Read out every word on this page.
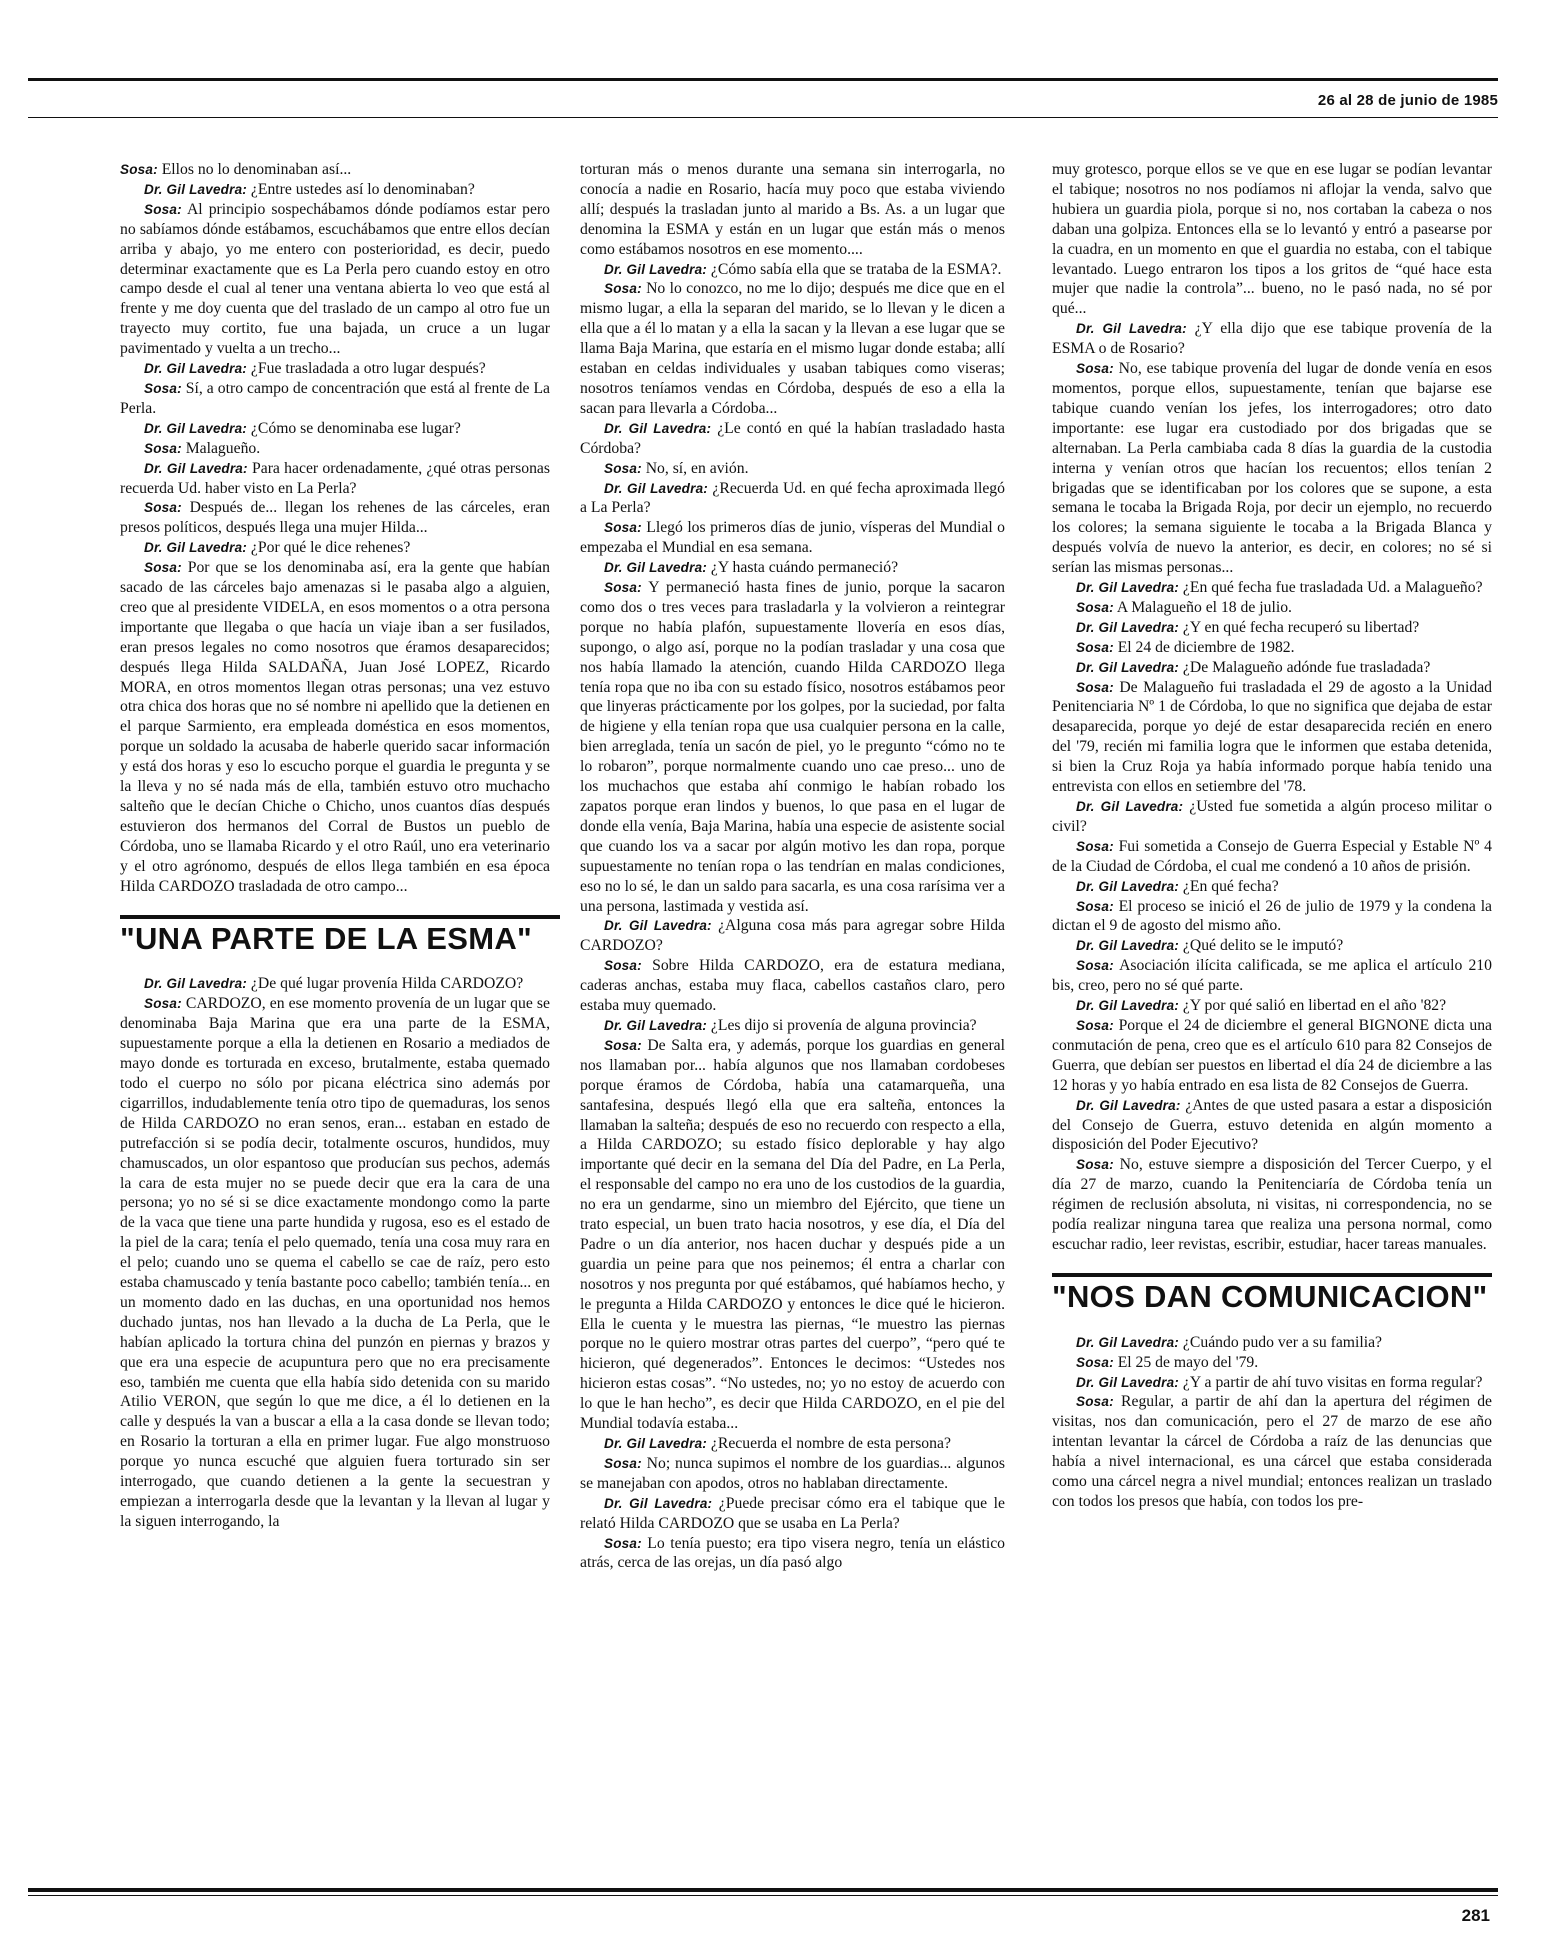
26 al 28 de junio de 1985

Sosa: Ellos no lo denominaban así...

Dr. Gil Lavedra: ¿Entre ustedes así lo denominaban?

Sosa: Al principio sospechábamos dónde podíamos estar pero no sabíamos dónde estábamos, escuchábamos que entre ellos decían arriba y abajo, yo me entero con posterioridad, es decir, puedo determinar exactamente que es La Perla pero cuando estoy en otro campo desde el cual al tener una ventana abierta lo veo que está al frente y me doy cuenta que del traslado de un campo al otro fue un trayecto muy cortito, fue una bajada, un cruce a un lugar pavimentado y vuelta a un trecho...

Dr. Gil Lavedra: ¿Fue trasladada a otro lugar después?

Sosa: Sí, a otro campo de concentración que está al frente de La Perla.

Dr. Gil Lavedra: ¿Cómo se denominaba ese lugar?

Sosa: Malagueño.

Dr. Gil Lavedra: Para hacer ordenadamente, ¿qué otras personas recuerda Ud. haber visto en La Perla?

Sosa: Después de... llegan los rehenes de las cárceles, eran presos políticos, después llega una mujer Hilda...

Dr. Gil Lavedra: ¿Por qué le dice rehenes?

Sosa: Por que se los denominaba así, era la gente que habían sacado de las cárceles bajo amenazas si le pasaba algo a alguien, creo que al presidente VIDELA, en esos momentos o a otra persona importante que llegaba o que hacía un viaje iban a ser fusilados, eran presos legales no como nosotros que éramos desaparecidos; después llega Hilda SALDAÑA, Juan José LOPEZ, Ricardo MORA, en otros momentos llegan otras personas; una vez estuvo otra chica dos horas que no sé nombre ni apellido que la detienen en el parque Sarmiento, era empleada doméstica en esos momentos, porque un soldado la acusaba de haberle querido sacar información y está dos horas y eso lo escucho porque el guardia le pregunta y se la lleva y no sé nada más de ella, también estuvo otro muchacho salteño que le decían Chiche o Chicho, unos cuantos días después estuvieron dos hermanos del Corral de Bustos un pueblo de Córdoba, uno se llamaba Ricardo y el otro Raúl, uno era veterinario y el otro agrónomo, después de ellos llega también en esa época Hilda CARDOZO trasladada de otro campo...

"UNA PARTE DE LA ESMA"

Dr. Gil Lavedra: ¿De qué lugar provenía Hilda CARDOZO?

Sosa: CARDOZO, en ese momento provenía de un lugar que se denominaba Baja Marina que era una parte de la ESMA, supuestamente porque a ella la detienen en Rosario a mediados de mayo donde es torturada en exceso, brutalmente, estaba quemado todo el cuerpo no sólo por picana eléctrica sino además por cigarrillos, indudablemente tenía otro tipo de quemaduras, los senos de Hilda CARDOZO no eran senos, eran... estaban en estado de putrefacción si se podía decir, totalmente oscuros, hundidos, muy chamuscados, un olor espantoso que producían sus pechos, además la cara de esta mujer no se puede decir que era la cara de una persona; yo no sé si se dice exactamente mondongo como la parte de la vaca que tiene una parte hundida y rugosa, eso es el estado de la piel de la cara; tenía el pelo quemado, tenía una cosa muy rara en el pelo; cuando uno se quema el cabello se cae de raíz, pero esto estaba chamuscado y tenía bastante poco cabello; también tenía... en un momento dado en las duchas, en una oportunidad nos hemos duchado juntas, nos han llevado a la ducha de La Perla, que le habían aplicado la tortura china del punzón en piernas y brazos y que era una especie de acupuntura pero que no era precisamente eso, también me cuenta que ella había sido detenida con su marido Atilio VERON, que según lo que me dice, a él lo detienen en la calle y después la van a buscar a ella a la casa donde se llevan todo; en Rosario la torturan a ella en primer lugar. Fue algo monstruoso porque yo nunca escuché que alguien fuera torturado sin ser interrogado, que cuando detienen a la gente la secuestran y empiezan a interrogarla desde que la levantan y la llevan al lugar y la siguen interrogando, la

torturan más o menos durante una semana sin interrogarla, no conocía a nadie en Rosario, hacía muy poco que estaba viviendo allí; después la trasladan junto al marido a Bs. As. a un lugar que denomina la ESMA y están en un lugar que están más o menos como estábamos nosotros en ese momento....

Dr. Gil Lavedra: ¿Cómo sabía ella que se trataba de la ESMA?.

Sosa: No lo conozco, no me lo dijo; después me dice que en el mismo lugar, a ella la separan del marido, se lo llevan y le dicen a ella que a él lo matan y a ella la sacan y la llevan a ese lugar que se llama Baja Marina, que estaría en el mismo lugar donde estaba; allí estaban en celdas individuales y usaban tabiques como viseras; nosotros teníamos vendas en Córdoba, después de eso a ella la sacan para llevarla a Córdoba...

Dr. Gil Lavedra: ¿Le contó en qué la habían trasladado hasta Córdoba?

Sosa: No, sí, en avión.

Dr. Gil Lavedra: ¿Recuerda Ud. en qué fecha aproximada llegó a La Perla?

Sosa: Llegó los primeros días de junio, vísperas del Mundial o empezaba el Mundial en esa semana.

Dr. Gil Lavedra: ¿Y hasta cuándo permaneció?

Sosa: Y permaneció hasta fines de junio, porque la sacaron como dos o tres veces para trasladarla y la volvieron a reintegrar porque no había plafón, supuestamente llovería en esos días, supongo, o algo así, porque no la podían trasladar y una cosa que nos había llamado la atención, cuando Hilda CARDOZO llega tenía ropa que no iba con su estado físico, nosotros estábamos peor que linyeras prácticamente por los golpes, por la suciedad, por falta de higiene y ella tenían ropa que usa cualquier persona en la calle, bien arreglada, tenía un sacón de piel, yo le pregunto “cómo no te lo robaron”, porque normalmente cuando uno cae preso... uno de los muchachos que estaba ahí conmigo le habían robado los zapatos porque eran lindos y buenos, lo que pasa en el lugar de donde ella venía, Baja Marina, había una especie de asistente social que cuando los va a sacar por algún motivo les dan ropa, porque supuestamente no tenían ropa o las tendrían en malas condiciones, eso no lo sé, le dan un saldo para sacarla, es una cosa rarísima ver a una persona, lastimada y vestida así.

Dr. Gil Lavedra: ¿Alguna cosa más para agregar sobre Hilda CARDOZO?

Sosa: Sobre Hilda CARDOZO, era de estatura mediana, caderas anchas, estaba muy flaca, cabellos castaños claro, pero estaba muy quemado.

Dr. Gil Lavedra: ¿Les dijo si provenía de alguna provincia?

Sosa: De Salta era, y además, porque los guardias en general nos llamaban por... había algunos que nos llamaban cordobeses porque éramos de Córdoba, había una catamarqueña, una santafesina, después llegó ella que era salteña, entonces la llamaban la salteña; después de eso no recuerdo con respecto a ella, a Hilda CARDOZO; su estado físico deplorable y hay algo importante qué decir en la semana del Día del Padre, en La Perla, el responsable del campo no era uno de los custodios de la guardia, no era un gendarme, sino un miembro del Ejército, que tiene un trato especial, un buen trato hacia nosotros, y ese día, el Día del Padre o un día anterior, nos hacen duchar y después pide a un guardia un peine para que nos peinemos; él entra a charlar con nosotros y nos pregunta por qué estábamos, qué habíamos hecho, y le pregunta a Hilda CARDOZO y entonces le dice qué le hicieron. Ella le cuenta y le muestra las piernas, “le muestro las piernas porque no le quiero mostrar otras partes del cuerpo”, “pero qué te hicieron, qué degenerados”. Entonces le decimos: “Ustedes nos hicieron estas cosas”. “No ustedes, no; yo no estoy de acuerdo con lo que le han hecho”, es decir que Hilda CARDOZO, en el pie del Mundial todavía estaba...

Dr. Gil Lavedra: ¿Recuerda el nombre de esta persona?

Sosa: No; nunca supimos el nombre de los guardias... algunos se manejaban con apodos, otros no hablaban directamente.

Dr. Gil Lavedra: ¿Puede precisar cómo era el tabique que le relató Hilda CARDOZO que se usaba en La Perla?

Sosa: Lo tenía puesto; era tipo visera negro, tenía un elástico atrás, cerca de las orejas, un día pasó algo

muy grotesco, porque ellos se ve que en ese lugar se podían levantar el tabique; nosotros no nos podíamos ni aflojar la venda, salvo que hubiera un guardia piola, porque si no, nos cortaban la cabeza o nos daban una golpiza. Entonces ella se lo levantó y entró a pasearse por la cuadra, en un momento en que el guardia no estaba, con el tabique levantado. Luego entraron los tipos a los gritos de “qué hace esta mujer que nadie la controla”... bueno, no le pasó nada, no sé por qué...

Dr. Gil Lavedra: ¿Y ella dijo que ese tabique provenía de la ESMA o de Rosario?

Sosa: No, ese tabique provenía del lugar de donde venía en esos momentos, porque ellos, supuestamente, tenían que bajarse ese tabique cuando venían los jefes, los interrogadores; otro dato importante: ese lugar era custodiado por dos brigadas que se alternaban. La Perla cambiaba cada 8 días la guardia de la custodia interna y venían otros que hacían los recuentos; ellos tenían 2 brigadas que se identificaban por los colores que se supone, a esta semana le tocaba la Brigada Roja, por decir un ejemplo, no recuerdo los colores; la semana siguiente le tocaba a la Brigada Blanca y después volvía de nuevo la anterior, es decir, en colores; no sé si serían las mismas personas...

Dr. Gil Lavedra: ¿En qué fecha fue trasladada Ud. a Malagueño?

Sosa: A Malagueño el 18 de julio.

Dr. Gil Lavedra: ¿Y en qué fecha recuperó su libertad?

Sosa: El 24 de diciembre de 1982.

Dr. Gil Lavedra: ¿De Malagueño adónde fue trasladada?

Sosa: De Malagueño fui trasladada el 29 de agosto a la Unidad Penitenciaria Nº 1 de Córdoba, lo que no significa que dejaba de estar desaparecida, porque yo dejé de estar desaparecida recién en enero del '79, recién mi familia logra que le informen que estaba detenida, si bien la Cruz Roja ya había informado porque había tenido una entrevista con ellos en setiembre del '78.

Dr. Gil Lavedra: ¿Usted fue sometida a algún proceso militar o civil?

Sosa: Fui sometida a Consejo de Guerra Especial y Estable Nº 4 de la Ciudad de Córdoba, el cual me condenó a 10 años de prisión.

Dr. Gil Lavedra: ¿En qué fecha?

Sosa: El proceso se inició el 26 de julio de 1979 y la condena la dictan el 9 de agosto del mismo año.

Dr. Gil Lavedra: ¿Qué delito se le imputó?

Sosa: Asociación ilícita calificada, se me aplica el artículo 210 bis, creo, pero no sé qué parte.

Dr. Gil Lavedra: ¿Y por qué salió en libertad en el año '82?

Sosa: Porque el 24 de diciembre el general BIGNONE dicta una conmutación de pena, creo que es el artículo 610 para 82 Consejos de Guerra, que debían ser puestos en libertad el día 24 de diciembre a las 12 horas y yo había entrado en esa lista de 82 Consejos de Guerra.

Dr. Gil Lavedra: ¿Antes de que usted pasara a estar a disposición del Consejo de Guerra, estuvo detenida en algún momento a disposición del Poder Ejecutivo?

Sosa: No, estuve siempre a disposición del Tercer Cuerpo, y el día 27 de marzo, cuando la Penitenciaría de Córdoba tenía un régimen de reclusión absoluta, ni visitas, ni correspondencia, no se podía realizar ninguna tarea que realiza una persona normal, como escuchar radio, leer revistas, escribir, estudiar, hacer tareas manuales.

"NOS DAN COMUNICACION"

Dr. Gil Lavedra: ¿Cuándo pudo ver a su familia?

Sosa: El 25 de mayo del '79.

Dr. Gil Lavedra: ¿Y a partir de ahí tuvo visitas en forma regular?

Sosa: Regular, a partir de ahí dan la apertura del régimen de visitas, nos dan comunicación, pero el 27 de marzo de ese año intentan levantar la cárcel de Córdoba a raíz de las denuncias que había a nivel internacional, es una cárcel que estaba considerada como una cárcel negra a nivel mundial; entonces realizan un traslado con todos los presos que había, con todos los pre-

281
